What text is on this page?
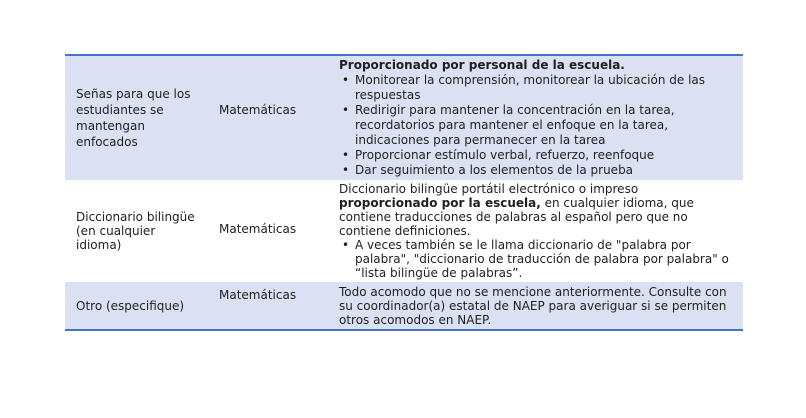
Señas para que los estudiantes se mantengan enfocados
Matemáticas
Proporcionado por personal de la escuela.
• Monitorear la comprensión, monitorear la ubicación de las respuestas
• Redirigir para mantener la concentración en la tarea, recordatorios para mantener el enfoque en la tarea, indicaciones para permanecer en la tarea
• Proporcionar estímulo verbal, refuerzo, reenfoque
• Dar seguimiento a los elementos de la prueba
Diccionario bilingüe (en cualquier idioma)
Matemáticas
Diccionario bilingüe portátil electrónico o impreso proporcionado por la escuela, en cualquier idioma, que contiene traducciones de palabras al español pero que no contiene definiciones.
• A veces también se le llama diccionario de "palabra por palabra", "diccionario de traducción de palabra por palabra" o “lista bilingüe de palabras”.
Otro (especifique)
Matemáticas	Todo acomodo que no se mencione anteriormente. Consulte con su coordinador(a) estatal de NAEP para averiguar si se permiten otros acomodos en NAEP.
